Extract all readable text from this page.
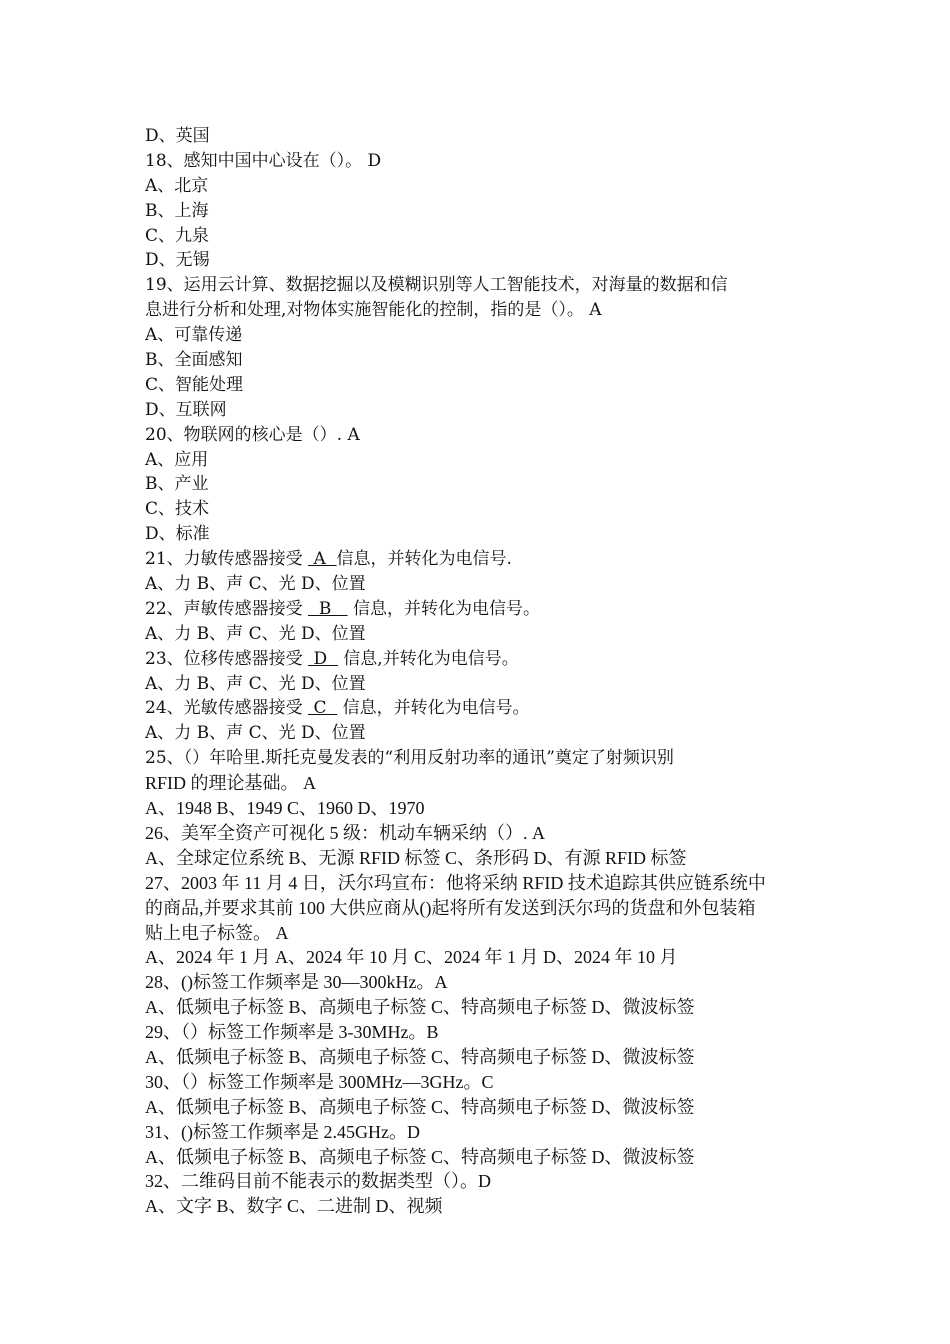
D、英国
18、感知中国中心设在（）。 D
A、北京
B、上海
C、九泉
D、无锡
19、运用云计算、数据挖掘以及模糊识别等人工智能技术，对海量的数据和信
息进行分析和处理,对物体实施智能化的控制，指的是（）。 A
A、可靠传递
B、全面感知
C、智能处理
D、互联网
20、物联网的核心是（）. A
A、应用
B、产业
C、技术
D、标准
21、力敏传感器接受  A  信息，并转化为电信号.
A、力 B、声 C、光 D、位置
22、声敏传感器接受   B    信息，并转化为电信号。
A、力 B、声 C、光 D、位置
23、位移传感器接受  D   信息,并转化为电信号。
A、力 B、声 C、光 D、位置
24、光敏传感器接受  C   信息，并转化为电信号。
A、力 B、声 C、光 D、位置
25、（）年哈里.斯托克曼发表的“利用反射功率的通讯”奠定了射频识别
RFID 的理论基础。 A
A、1948 B、1949 C、1960 D、1970
26、美军全资产可视化 5 级：机动车辆采纳（）. A
A、全球定位系统 B、无源 RFID 标签 C、条形码 D、有源 RFID 标签
27、2003 年 11 月 4 日，沃尔玛宣布：他将采纳 RFID 技术追踪其供应链系统中
的商品,并要求其前 100 大供应商从()起将所有发送到沃尔玛的货盘和外包装箱
贴上电子标签。 A
A、2024 年 1 月 A、2024 年 10 月 C、2024 年 1 月 D、2024 年 10 月
28、()标签工作频率是 30—300kHz。A
A、低频电子标签 B、高频电子标签 C、特高频电子标签 D、微波标签
29、（）标签工作频率是 3-30MHz。B
A、低频电子标签 B、高频电子标签 C、特高频电子标签 D、微波标签
30、（）标签工作频率是 300MHz—3GHz。C
A、低频电子标签 B、高频电子标签 C、特高频电子标签 D、微波标签
31、()标签工作频率是 2.45GHz。D
A、低频电子标签 B、高频电子标签 C、特高频电子标签 D、微波标签
32、二维码目前不能表示的数据类型（）。D
A、文字 B、数字 C、二进制 D、视频
